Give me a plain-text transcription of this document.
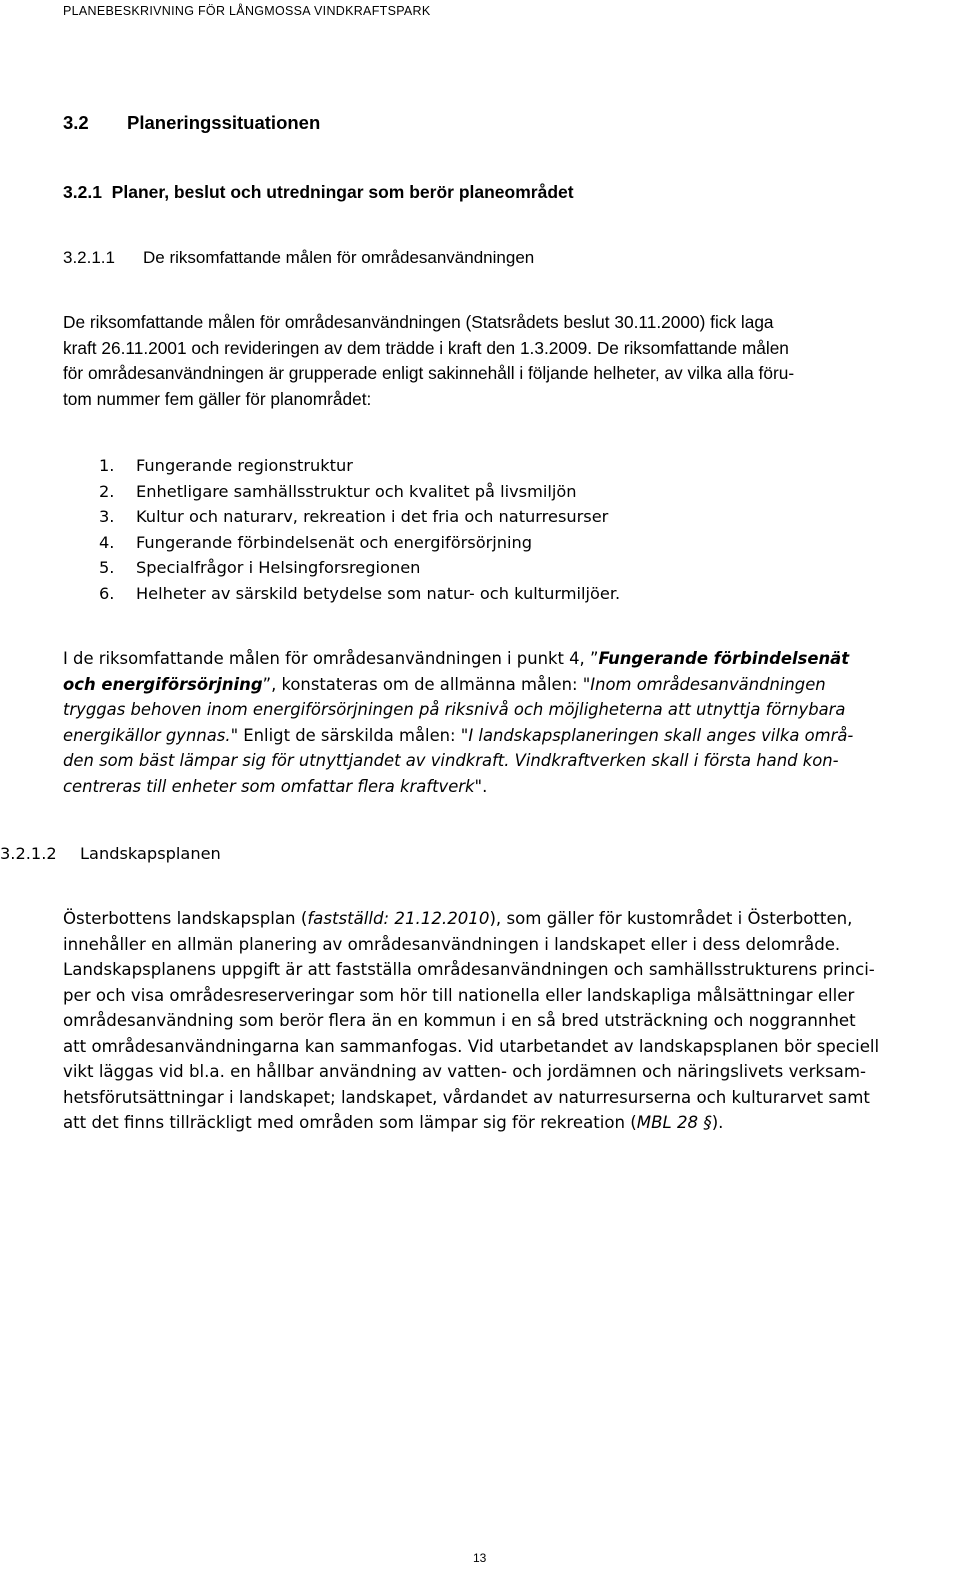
PLANEBESKRIVNING FÖR LÅNGMOSSA VINDKRAFTSPARK
3.2 Planeringssituationen
3.2.1 Planer, beslut och utredningar som berör planeområdet
3.2.1.1 De riksomfattande målen för områdesanvändningen
De riksomfattande målen för områdesanvändningen (Statsrådets beslut 30.11.2000) fick laga
kraft 26.11.2001 och revideringen av dem trädde i kraft den 1.3.2009. De riksomfattande målen
för områdesanvändningen är grupperade enligt sakinnehåll i följande helheter, av vilka alla föru-
tom nummer fem gäller för planområdet:
1. Fungerande regionstruktur
2. Enhetligare samhällsstruktur och kvalitet på livsmiljön
3. Kultur och naturarv, rekreation i det fria och naturresurser
4. Fungerande förbindelsenät och energiförsörjning
5. Specialfrågor i Helsingforsregionen
6. Helheter av särskild betydelse som natur- och kulturmiljöer.
I de riksomfattande målen för områdesanvändningen i punkt 4, ”Fungerande förbindelsenät
och energiförsörjning”, konstateras om de allmänna målen: "Inom områdesanvändningen
tryggas behoven inom energiförsörjningen på riksnivå och möjligheterna att utnyttja förnybara
energikällor gynnas." Enligt de särskilda målen: "I landskapsplaneringen skall anges vilka områ-
den som bäst lämpar sig för utnyttjandet av vindkraft. Vindkraftverken skall i första hand kon-
centreras till enheter som omfattar flera kraftverk".
3.2.1.2 Landskapsplanen
Österbottens landskapsplan (fastställd: 21.12.2010), som gäller för kustområdet i Österbotten,
innehåller en allmän planering av områdesanvändningen i landskapet eller i dess delområde.
Landskapsplanens uppgift är att fastställa områdesanvändningen och samhällsstrukturens princi-
per och visa områdesreserveringar som hör till nationella eller landskapliga målsättningar eller
områdesanvändning som berör flera än en kommun i en så bred utsträckning och noggrannhet
att områdesanvändningarna kan sammanfogas. Vid utarbetandet av landskapsplanen bör speciell
vikt läggas vid bl.a. en hållbar användning av vatten- och jordämnen och näringslivets verksam-
hetsförutsättningar i landskapet; landskapet, vårdandet av naturresurserna och kulturarvet samt
att det finns tillräckligt med områden som lämpar sig för rekreation (MBL 28 §).
13
